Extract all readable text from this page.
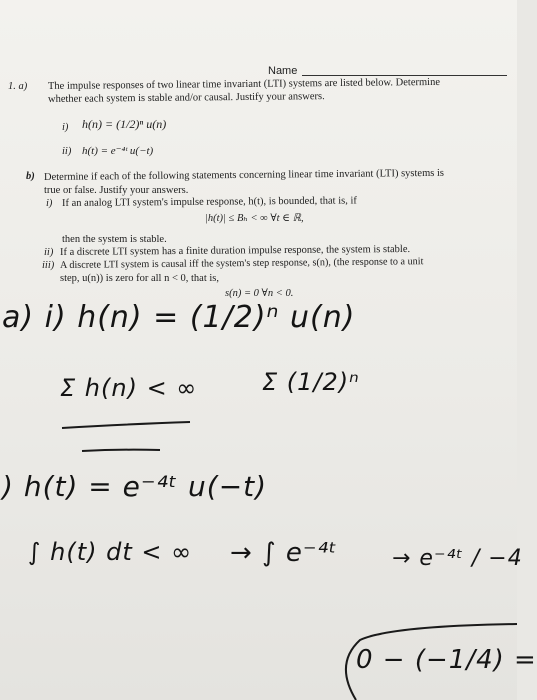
Name
1. a) The impulse responses of two linear time invariant (LTI) systems are listed below. Determine
whether each system is stable and/or causal. Justify your answers.
i) h(n) = (1/2)ⁿ u(n)
ii) h(t) = e⁻⁴ᵗ u(−t)
b) Determine if each of the following statements concerning linear time invariant (LTI) systems is
true or false. Justify your answers.
i) If an analog LTI system's impulse response, h(t), is bounded, that is, if
|h(t)| ≤ Bₕ < ∞ ∀t ∈ ℝ,
then the system is stable.
ii) If a discrete LTI system has a finite duration impulse response, the system is stable.
iii) A discrete LTI system is causal iff the system's step response, s(n), (the response to a unit
step, u(n)) is zero for all n < 0, that is,
s(n) = 0 ∀n < 0.
a) i) h(n) = (1/2)ⁿ u(n)
Σ h(n) < ∞	Σ (1/2)ⁿ
) h(t) = e⁻⁴ᵗ u(−t)
∫ h(t) dt < ∞ → ∫ e⁻⁴ᵗ → e⁻⁴ᵗ / −4
0 − (−1/4) =
